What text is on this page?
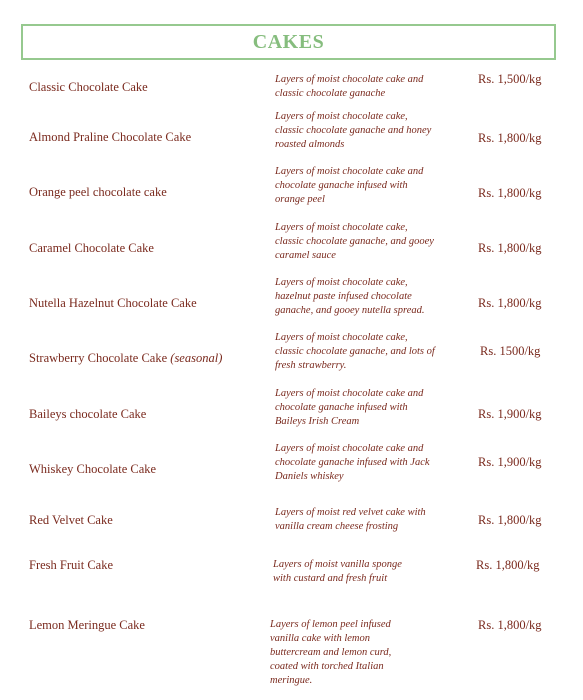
CAKES
Classic Chocolate Cake
Layers of moist chocolate cake and
classic chocolate ganache
Rs. 1,500/kg
Almond Praline Chocolate Cake
Layers of moist chocolate cake,
classic chocolate ganache and honey
roasted almonds	Rs. 1,800/kg
Orange peel chocolate cake
Layers of moist chocolate cake and
chocolate ganache infused with
orange peel	Rs. 1,800/kg
Caramel Chocolate Cake
Layers of moist chocolate cake,
classic chocolate ganache, and gooey
caramel sauce
Rs. 1,800/kg
Nutella Hazelnut Chocolate Cake
Layers of moist chocolate cake,
hazelnut paste infused chocolate
ganache, and gooey nutella spread.
Rs. 1,800/kg
Strawberry Chocolate Cake (seasonal)
Layers of moist chocolate cake,
classic chocolate ganache, and lots of
fresh strawberry.
Rs. 1500/kg
Baileys chocolate Cake
Layers of moist chocolate cake and
chocolate ganache infused with
Baileys Irish Cream
Rs. 1,900/kg
Whiskey Chocolate Cake
Layers of moist chocolate cake and
chocolate ganache infused with Jack
Daniels whiskey
Rs. 1,900/kg
Red Velvet Cake
Layers of moist red velvet cake with
vanilla cream cheese frosting	Rs. 1,800/kg
Fresh Fruit Cake	Layers of moist vanilla sponge
with custard and fresh fruit
Rs. 1,800/kg
Lemon Meringue Cake	Layers of lemon peel infused
vanilla cake with lemon
buttercream and lemon curd,
coated with torched Italian
meringue.
Rs. 1,800/kg
